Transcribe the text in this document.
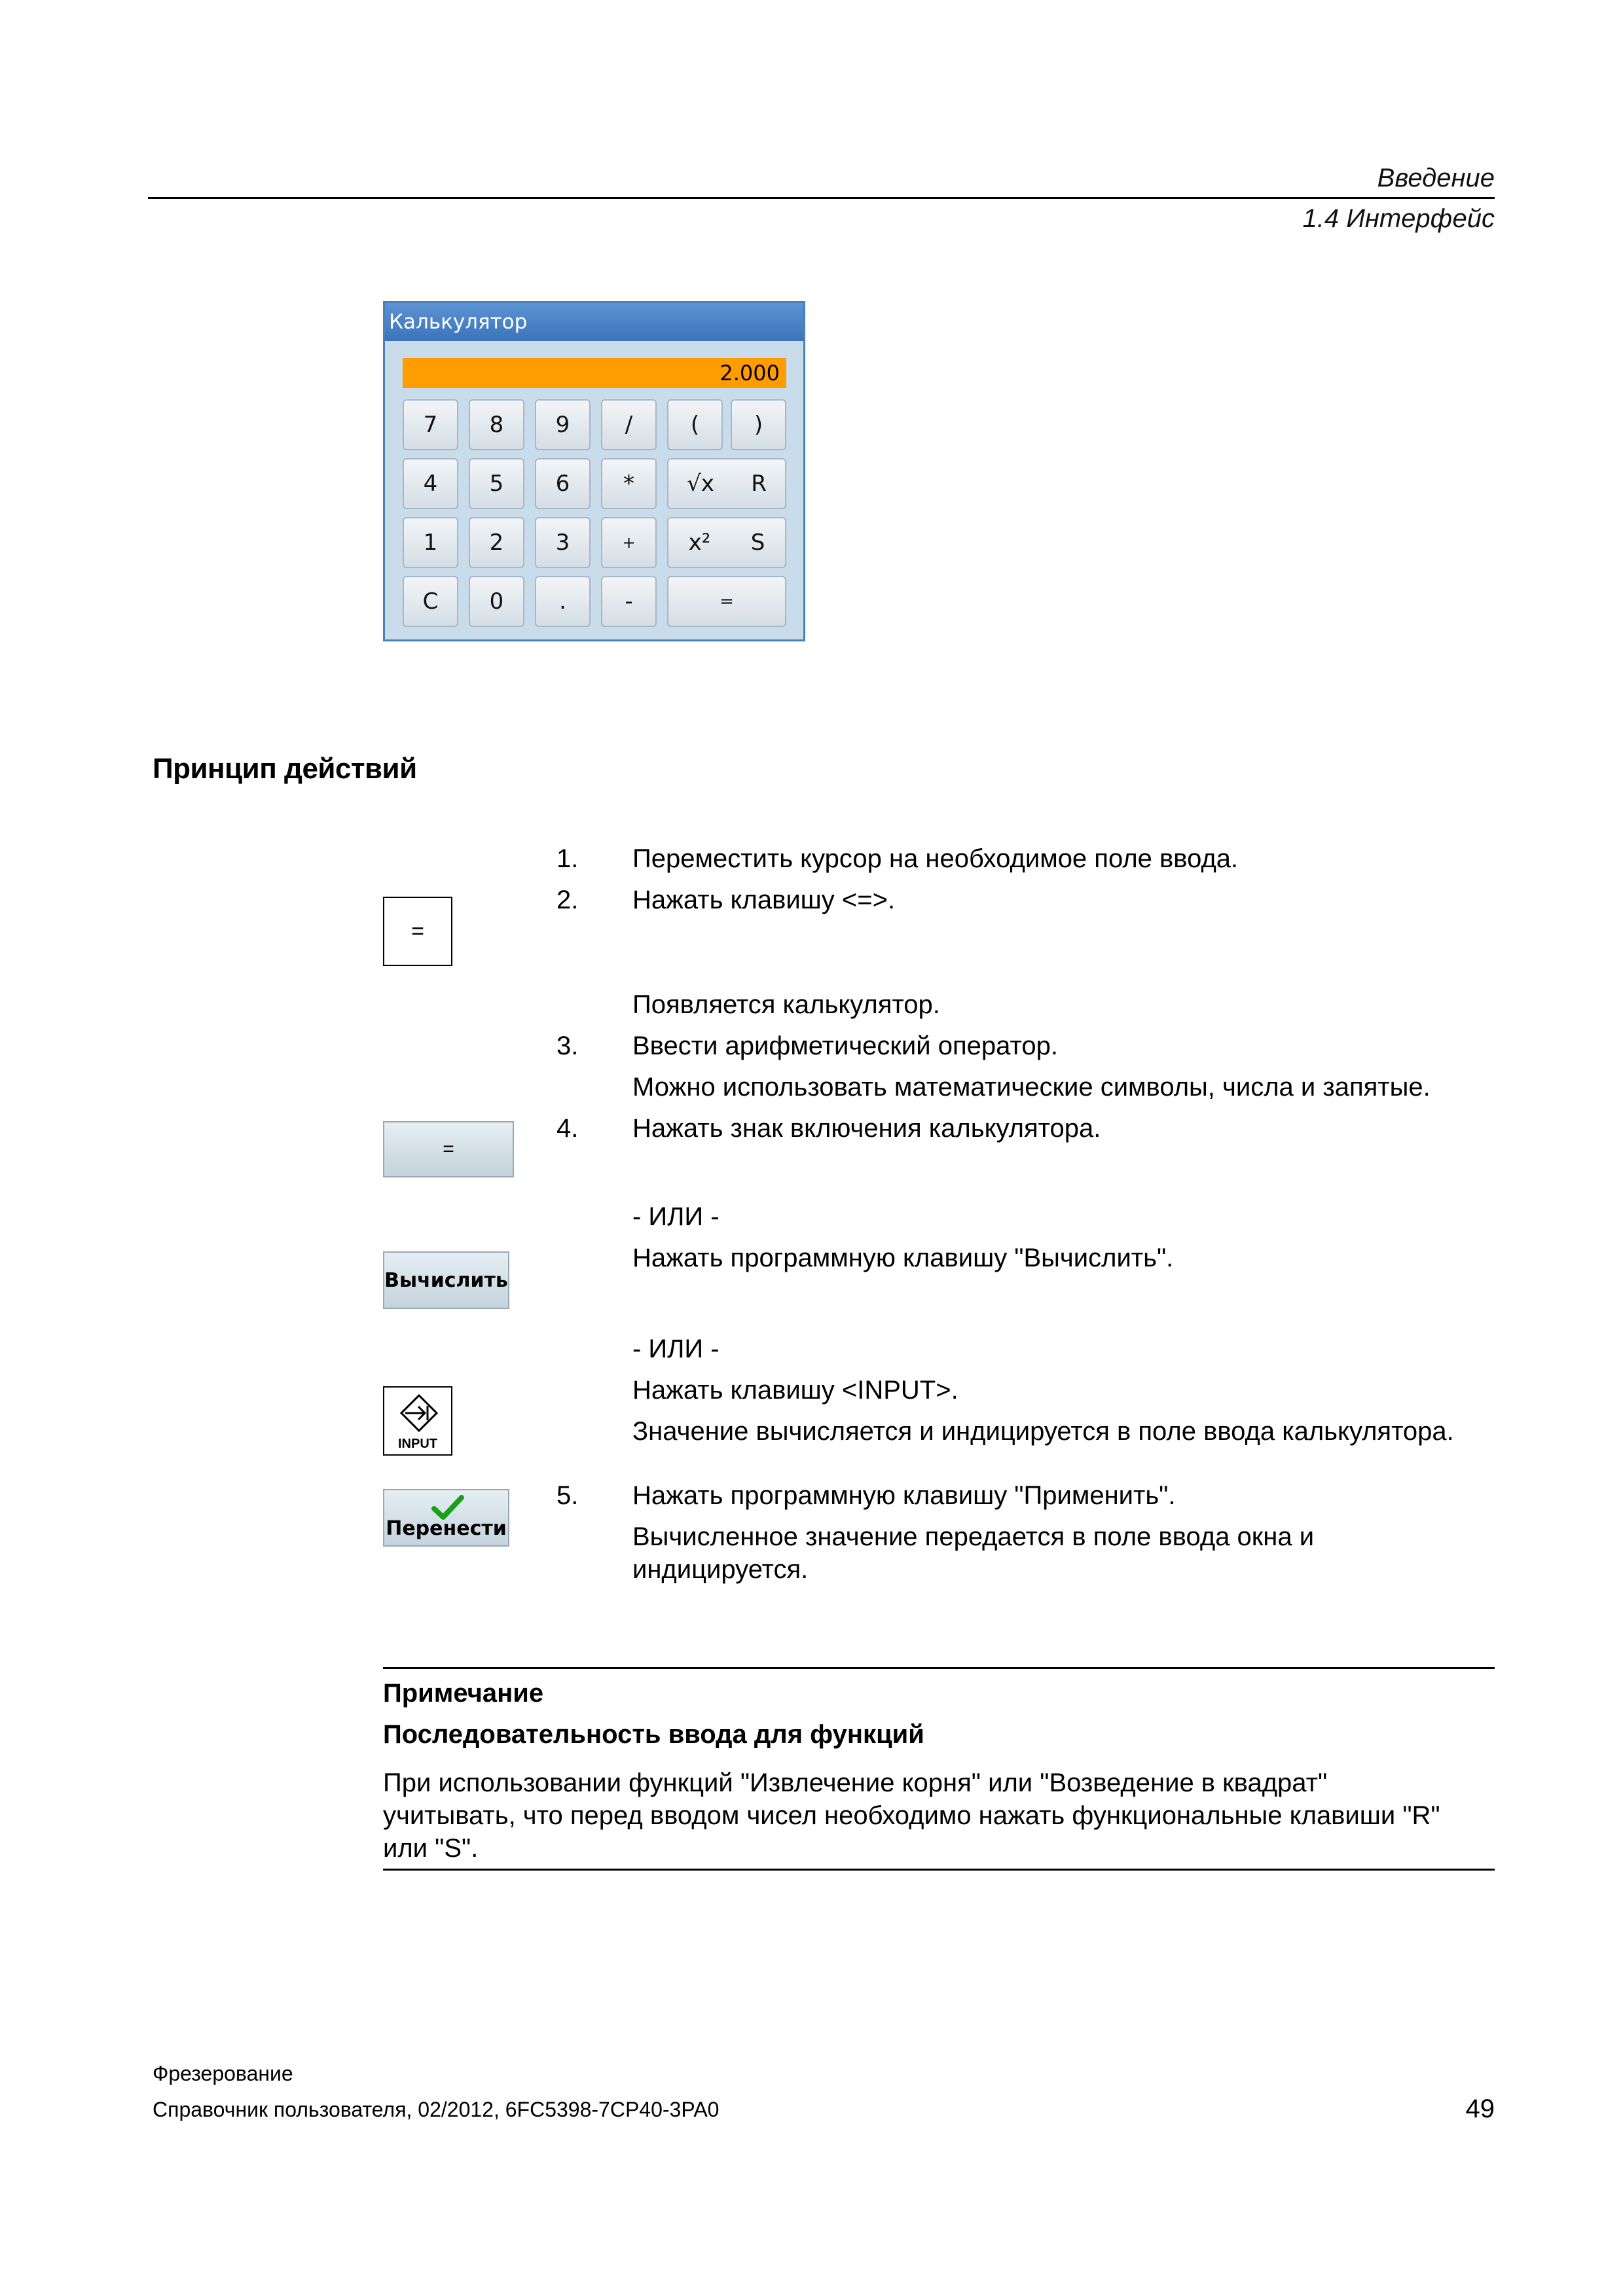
Введение
1.4 Интерфейс
Калькулятор
2.000
7	8	9	/	(	)
4	5	6	*	√x R
1	2	3	+	x² S
C	0	.	-	=
Принцип действий
1. Переместить курсор на необходимое поле ввода.
2. Нажать клавишу <=>.
Появляется калькулятор.
3. Ввести арифметический оператор.
Можно использовать математические символы, числа и запятые.
4. Нажать знак включения калькулятора.
- ИЛИ -
Нажать программную клавишу "Вычислить".
- ИЛИ -
Нажать клавишу <INPUT>.
Значение вычисляется и индицируется в поле ввода калькулятора.
5. Нажать программную клавишу "Применить".
Вычисленное значение передается в поле ввода окна и
индицируется.
=
=
Вычислить
INPUT
Перенести
Примечание
Последовательность ввода для функций
При использовании функций "Извлечение корня" или "Возведение в квадрат"
учитывать, что перед вводом чисел необходимо нажать функциональные клавиши "R"
или "S".
Фрезерование
Справочник пользователя, 02/2012, 6FC5398-7CP40-3PA0	49
